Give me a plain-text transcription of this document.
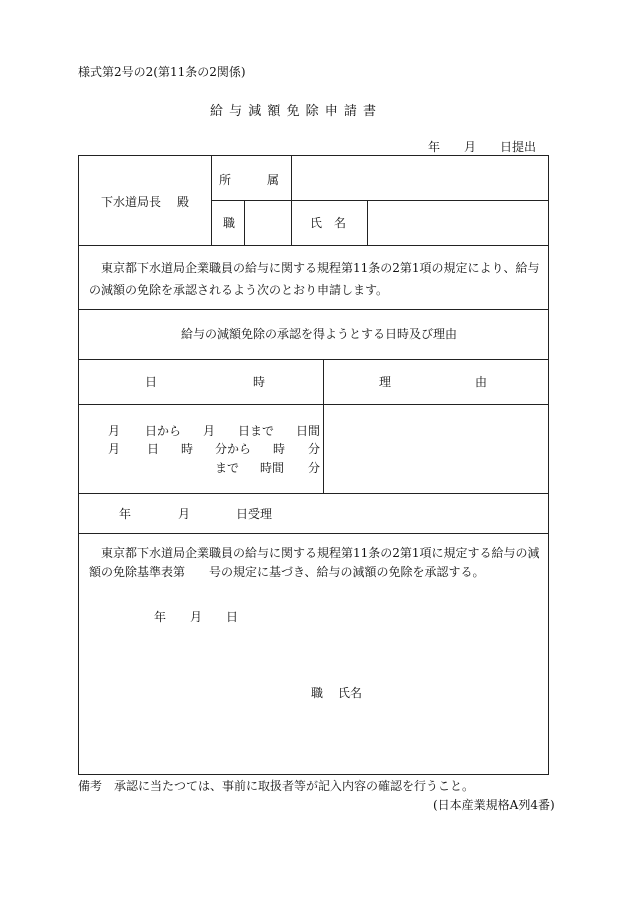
様式第2号の2(第11条の2関係)
給 与 減 額 免 除 申 請 書
年 月 日提出
下水道局長 殿
所　　　属
職	氏　名
東京都下水道局企業職員の給与に関する規程第11条の2第1項の規定により、給与の減額の免除を承認されるよう次のとおり申請します。
給与の減額免除の承認を得ようとする日時及び理由
日　　　　　　　　時	理　　　　　　　由
月 日から 月 日まで 日間
月 日 時 分から 時 分
まで 時間 分
年	月	日受理
東京都下水道局企業職員の給与に関する規程第11条の2第1項に規定する給与の減額の免除基準表第　　号の規定に基づき、給与の減額の免除を承認する。
年 月 日
職 氏名
備考　承認に当たつては、事前に取扱者等が記入内容の確認を行うこと。
(日本産業規格A列4番)
